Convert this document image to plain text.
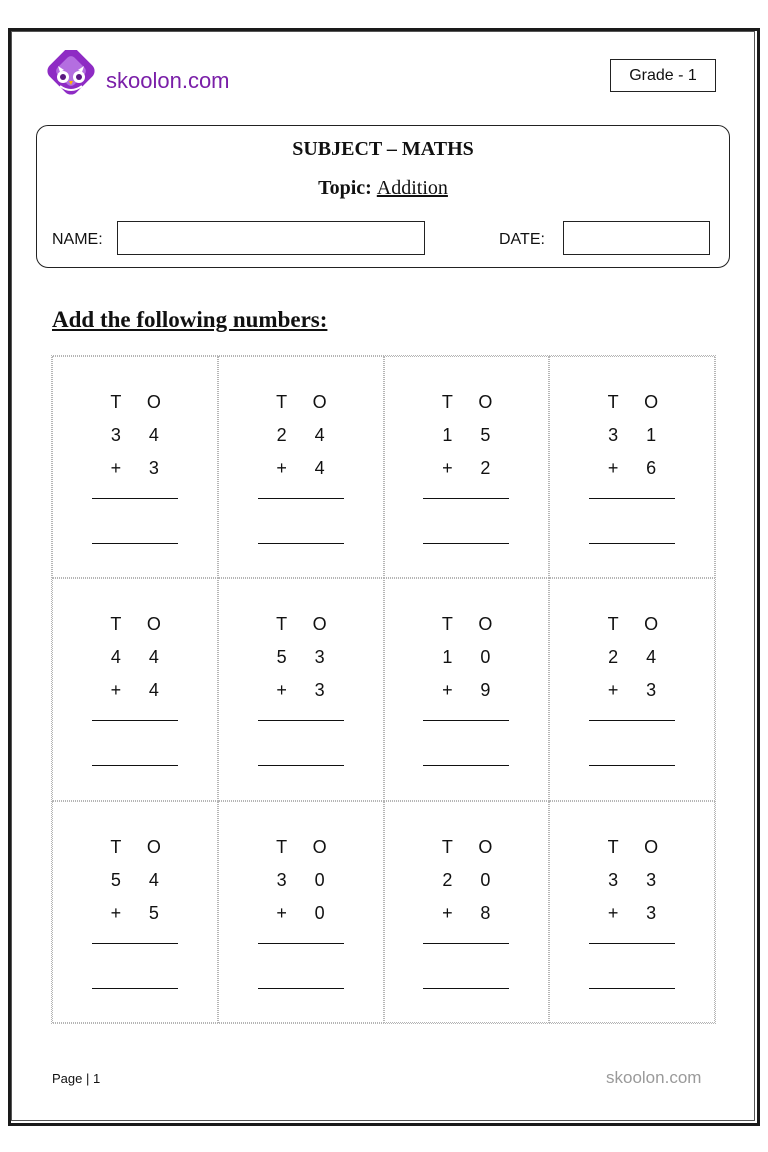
skoolon.com	Grade - 1
SUBJECT – MATHS
Topic: Addition
NAME:	DATE:
Add the following numbers:
T	O
3	4
+	3
T	O
2	4
+	4
T	O
1	5
+	2
T	O
3	1
+	6
T	O
4	4
+	4
T	O
5	3
+	3
T	O
1	0
+	9
T	O
2	4
+	3
T	O
5	4
+	5
T	O
3	0
+	0
T	O
2	0
+	8
T	O
3	3
+	3
Page | 1	skoolon.com
